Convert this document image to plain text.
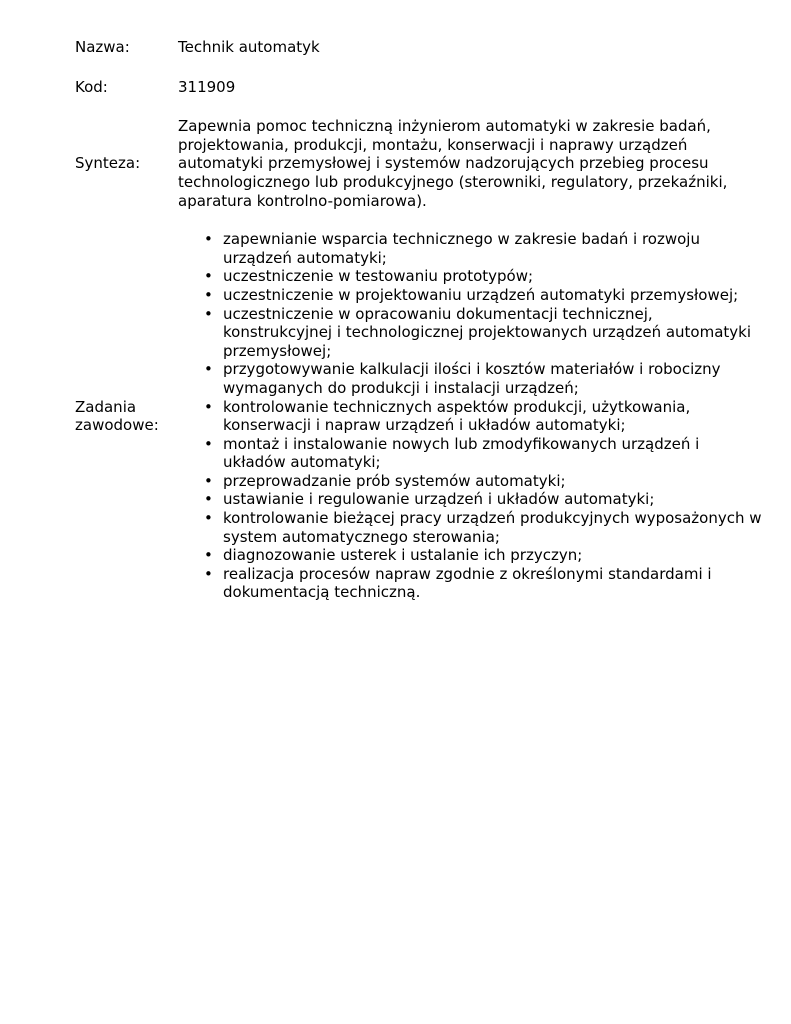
Nazwa:	Technik automatyk
Kod:	311909
Synteza:
Zapewnia pomoc techniczną inżynierom automatyki w zakresie badań, projektowania, produkcji, montażu, konserwacji i naprawy urządzeń automatyki przemysłowej i systemów nadzorujących przebieg procesu technologicznego lub produkcyjnego (sterowniki, regulatory, przekaźniki, aparatura kontrolno-pomiarowa).
Zadania zawodowe:
• zapewnianie wsparcia technicznego w zakresie badań i rozwoju urządzeń automatyki;
• uczestniczenie w testowaniu prototypów;
• uczestniczenie w projektowaniu urządzeń automatyki przemysłowej;
• uczestniczenie w opracowaniu dokumentacji technicznej, konstrukcyjnej i technologicznej projektowanych urządzeń automatyki przemysłowej;
• przygotowywanie kalkulacji ilości i kosztów materiałów i robocizny wymaganych do produkcji i instalacji urządzeń;
• kontrolowanie technicznych aspektów produkcji, użytkowania, konserwacji i napraw urządzeń i układów automatyki;
• montaż i instalowanie nowych lub zmodyfikowanych urządzeń i układów automatyki;
• przeprowadzanie prób systemów automatyki;
• ustawianie i regulowanie urządzeń i układów automatyki;
• kontrolowanie bieżącej pracy urządzeń produkcyjnych wyposażonych w system automatycznego sterowania;
• diagnozowanie usterek i ustalanie ich przyczyn;
• realizacja procesów napraw zgodnie z określonymi standardami i dokumentacją techniczną.
